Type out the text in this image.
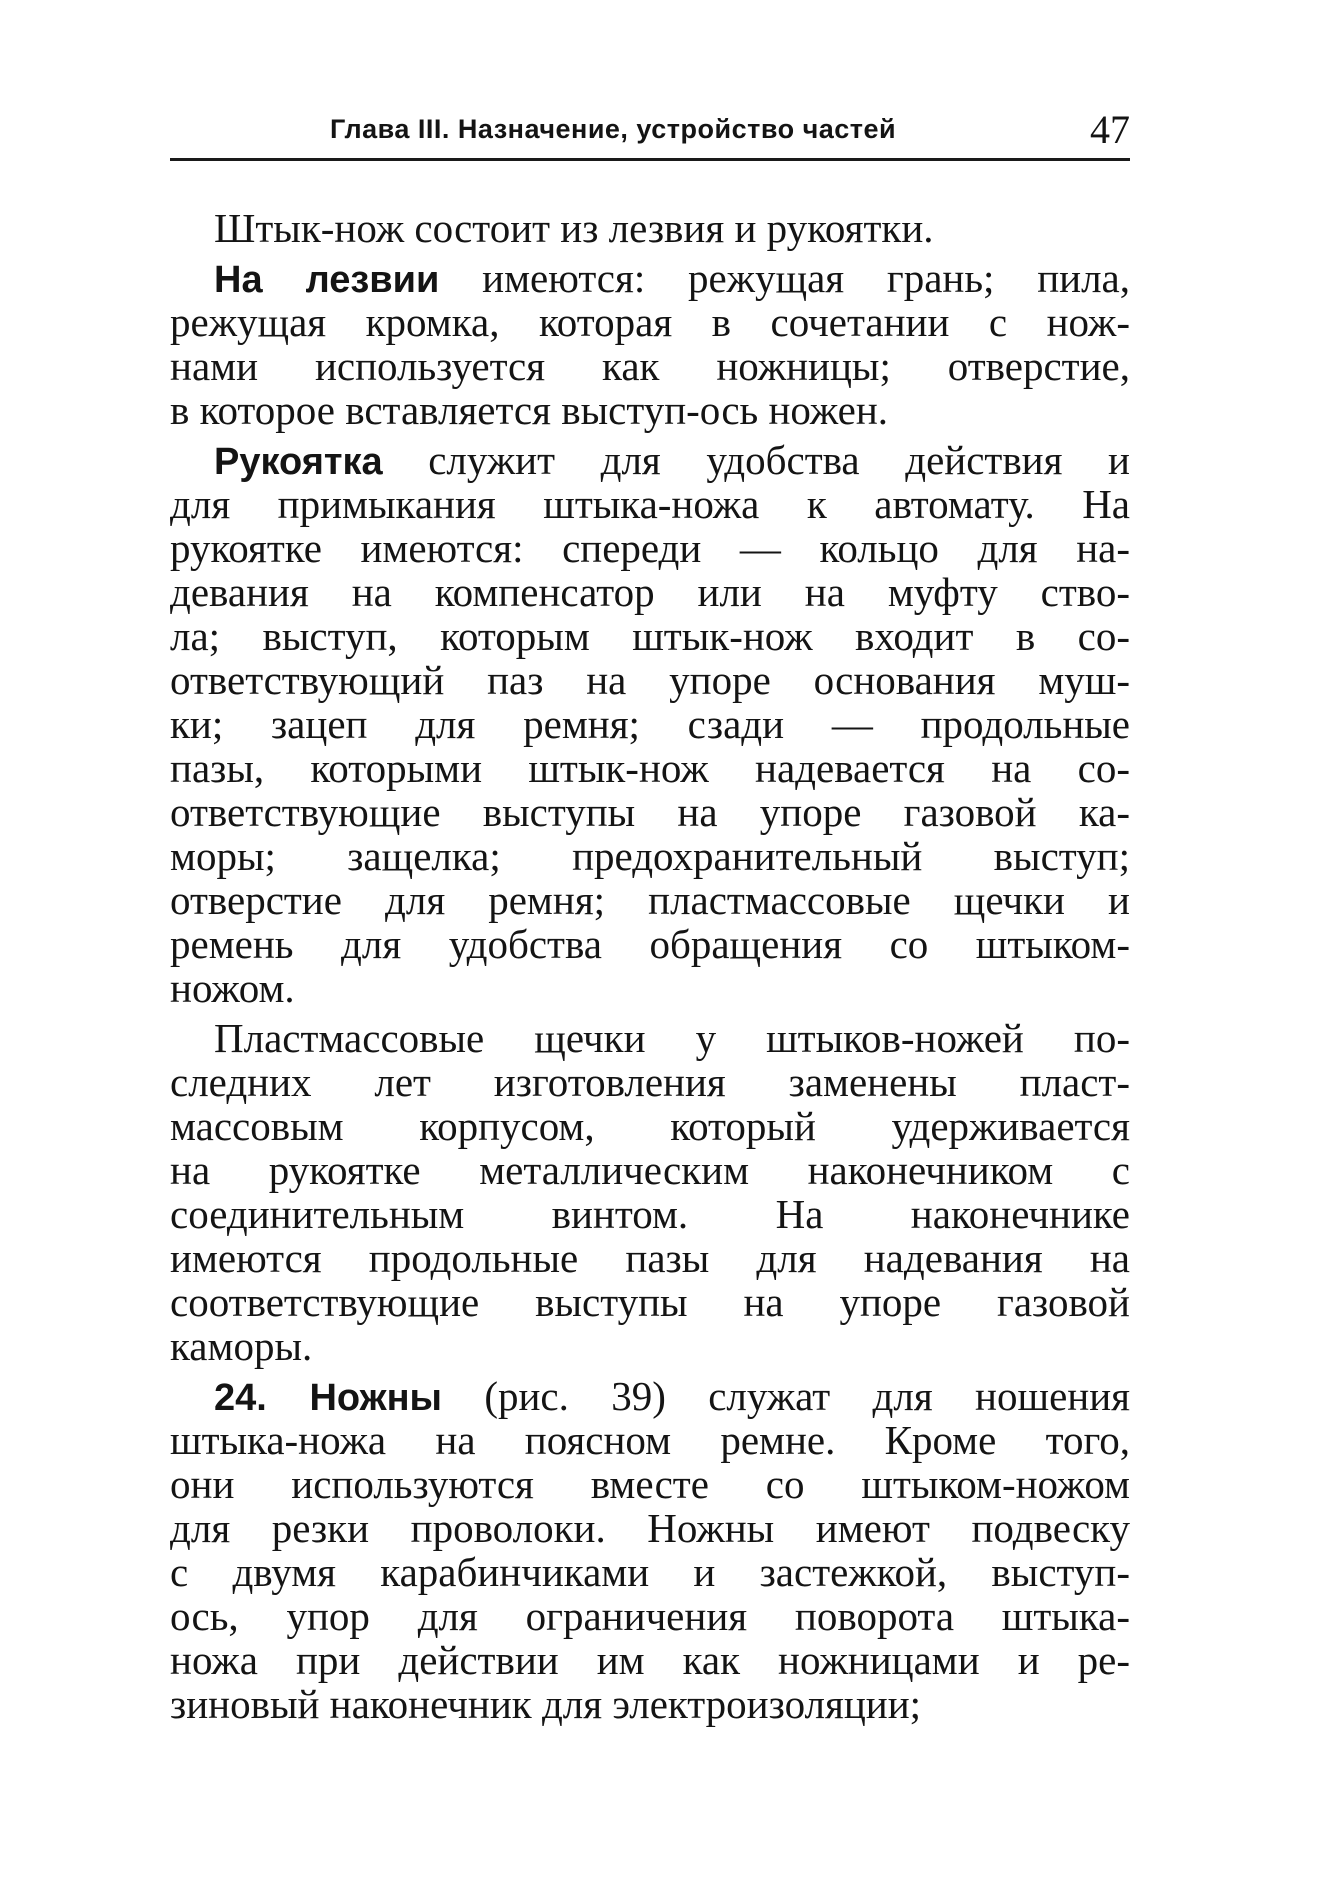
Глава III. Назначение, устройство частей	47
Штык-нож состоит из лезвия и рукоятки.
На лезвии имеются: режущая грань; пила,
режущая кромка, которая в сочетании с нож-
нами используется как ножницы; отверстие,
в которое вставляется выступ-ось ножен.
Рукоятка служит для удобства действия и
для примыкания штыка-ножа к автомату. На
рукоятке имеются: спереди — кольцо для на-
девания на компенсатор или на муфту ство-
ла; выступ, которым штык-нож входит в со-
ответствующий паз на упоре основания муш-
ки; зацеп для ремня; сзади — продольные
пазы, которыми штык-нож надевается на со-
ответствующие выступы на упоре газовой ка-
моры; защелка; предохранительный выступ;
отверстие для ремня; пластмассовые щечки и
ремень для удобства обращения со штыком-
ножом.
Пластмассовые щечки у штыков-ножей по-
следних лет изготовления заменены пласт-
массовым корпусом, который удерживается
на рукоятке металлическим наконечником с
соединительным винтом. На наконечнике
имеются продольные пазы для надевания на
соответствующие выступы на упоре газовой
каморы.
24. Ножны (рис. 39) служат для ношения
штыка-ножа на поясном ремне. Кроме того,
они используются вместе со штыком-ножом
для резки проволоки. Ножны имеют подвеску
с двумя карабинчиками и застежкой, выступ-
ось, упор для ограничения поворота штыка-
ножа при действии им как ножницами и ре-
зиновый наконечник для электроизоляции;
